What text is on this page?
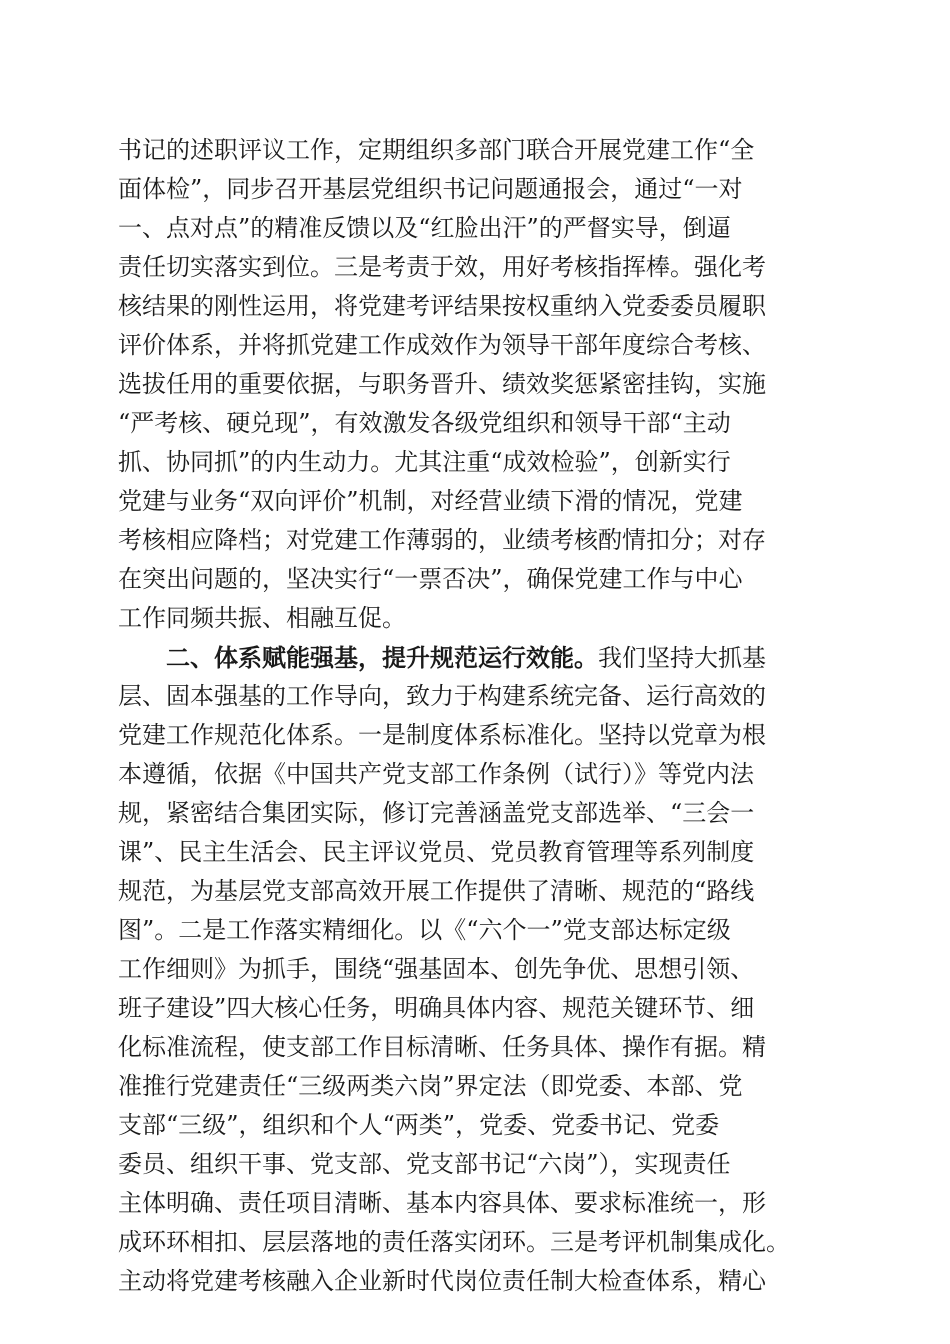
书记的述职评议工作，定期组织多部门联合开展党建工作“全
面体检”，同步召开基层党组织书记问题通报会，通过“一对
一、点对点”的精准反馈以及“红脸出汗”的严督实导，倒逼
责任切实落实到位。三是考责于效，用好考核指挥棒。强化考
核结果的刚性运用，将党建考评结果按权重纳入党委委员履职
评价体系，并将抓党建工作成效作为领导干部年度综合考核、
选拔任用的重要依据，与职务晋升、绩效奖惩紧密挂钩，实施
“严考核、硬兑现”，有效激发各级党组织和领导干部“主动
抓、协同抓”的内生动力。尤其注重“成效检验”，创新实行
党建与业务“双向评价”机制，对经营业绩下滑的情况，党建
考核相应降档；对党建工作薄弱的，业绩考核酌情扣分；对存
在突出问题的，坚决实行“一票否决”，确保党建工作与中心
工作同频共振、相融互促。
二、体系赋能强基，提升规范运行效能。我们坚持大抓基
层、固本强基的工作导向，致力于构建系统完备、运行高效的
党建工作规范化体系。一是制度体系标准化。坚持以党章为根
本遵循，依据《中国共产党支部工作条例（试行）》等党内法
规，紧密结合集团实际，修订完善涵盖党支部选举、“三会一
课”、民主生活会、民主评议党员、党员教育管理等系列制度
规范，为基层党支部高效开展工作提供了清晰、规范的“路线
图”。二是工作落实精细化。以《“六个一”党支部达标定级
工作细则》为抓手，围绕“强基固本、创先争优、思想引领、
班子建设”四大核心任务，明确具体内容、规范关键环节、细
化标准流程，使支部工作目标清晰、任务具体、操作有据。精
准推行党建责任“三级两类六岗”界定法（即党委、本部、党
支部“三级”，组织和个人“两类”，党委、党委书记、党委
委员、组织干事、党支部、党支部书记“六岗”），实现责任
主体明确、责任项目清晰、基本内容具体、要求标准统一，形
成环环相扣、层层落地的责任落实闭环。三是考评机制集成化。
主动将党建考核融入企业新时代岗位责任制大检查体系，精心
